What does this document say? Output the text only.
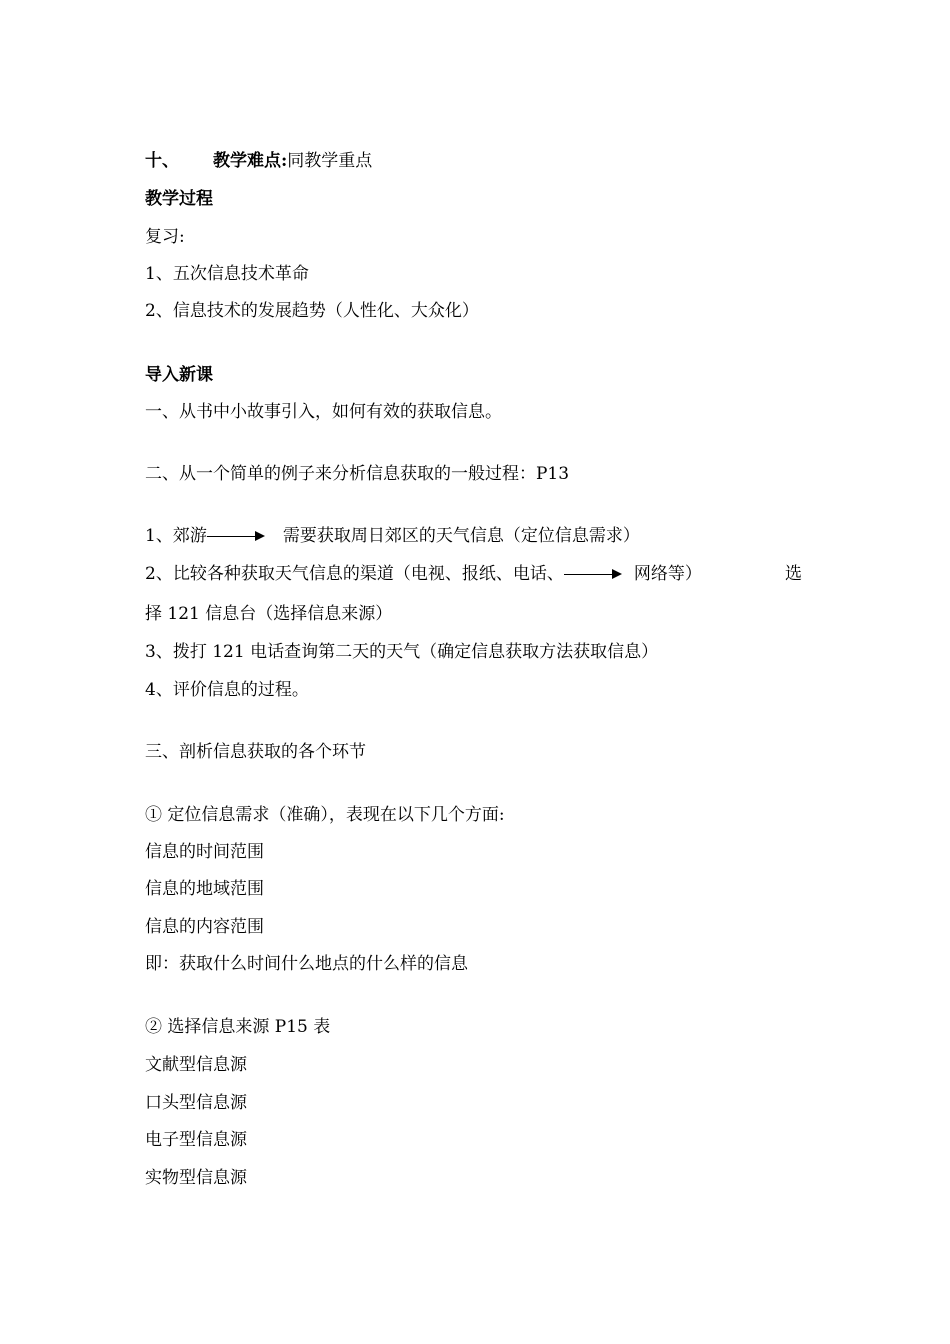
十、 教学难点:同教学重点
教学过程
复习:
1、五次信息技术革命
2、信息技术的发展趋势（人性化、大众化）
导入新课
一、从书中小故事引入，如何有效的获取信息。
二、从一个简单的例子来分析信息获取的一般过程：P13
1、郊游	需要获取周日郊区的天气信息（定位信息需求）
2、比较各种获取天气信息的渠道（电视、报纸、电话、	网络等）	选
择 121 信息台（选择信息来源）
3、拨打 121 电话查询第二天的天气（确定信息获取方法获取信息）
4、评价信息的过程。
三、剖析信息获取的各个环节
① 定位信息需求（准确），表现在以下几个方面:
信息的时间范围
信息的地域范围
信息的内容范围
即：获取什么时间什么地点的什么样的信息
② 选择信息来源 P15 表
文献型信息源
口头型信息源
电子型信息源
实物型信息源
